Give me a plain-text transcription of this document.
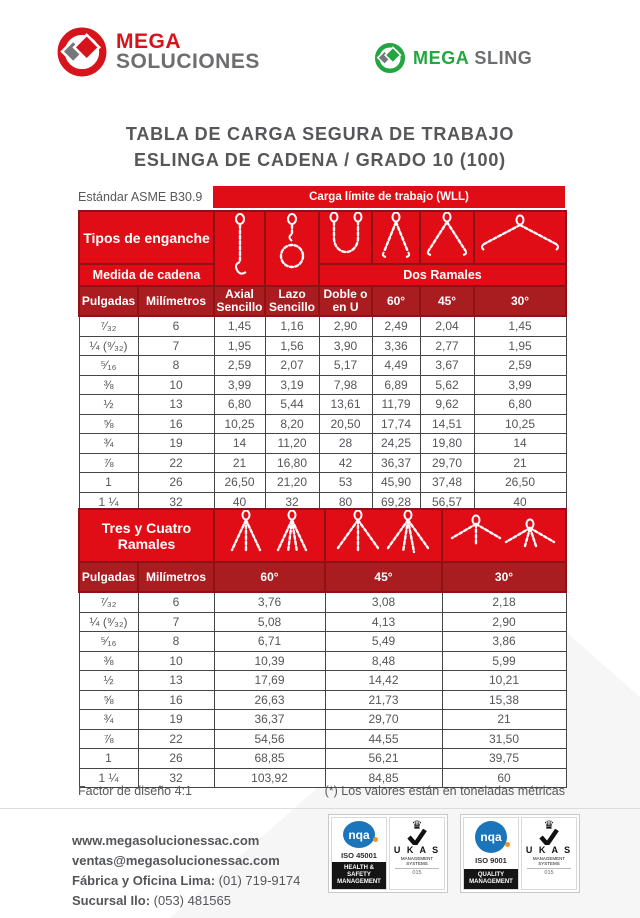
MEGA
SOLUCIONES	MEGA SLING
TABLA DE CARGA SEGURA DE TRABAJO
ESLINGA DE CADENA / GRADO 10 (100)
Estándar ASME B30.9	Carga límite de trabajo (WLL)
Tipos de enganche						
Medida de cadena				Dos Ramales			
Pulgadas	Milímetros	Axial Sencillo	Lazo Sencillo	Doble o en U	60°	45°	30°
⁷⁄₃₂	6	1,45	1,16	2,90	2,49	2,04	1,45
¼ (⁹⁄₃₂)	7	1,95	1,56	3,90	3,36	2,77	1,95
⁵⁄₁₆	8	2,59	2,07	5,17	4,49	3,67	2,59
⅜	10	3,99	3,19	7,98	6,89	5,62	3,99
½	13	6,80	5,44	13,61	11,79	9,62	6,80
⅝	16	10,25	8,20	20,50	17,74	14,51	10,25
¾	19	14	11,20	28	24,25	19,80	14
⅞	22	21	16,80	42	36,37	29,70	21
1	26	26,50	21,20	53	45,90	37,48	26,50
1 ¼	32	40	32	80	69,28	56,57	40
Tres y Cuatro Ramales			
Pulgadas	Milímetros	60°	45°	30°
⁷⁄₃₂	6	3,76	3,08	2,18
¼ (⁹⁄₃₂)	7	5,08	4,13	2,90
⁵⁄₁₆	8	6,71	5,49	3,86
⅜	10	10,39	8,48	5,99
½	13	17,69	14,42	10,21
⅝	16	26,63	21,73	15,38
¾	19	36,37	29,70	21
⅞	22	54,56	44,55	31,50
1	26	68,85	56,21	39,75
1 ¼	32	103,92	84,85	60
Factor de diseño 4:1	(*) Los valores están en toneladas métricas
www.megasolucionessac.com
ventas@megasolucionessac.com
Fábrica y Oficina Lima: (01) 719-9174
Sucursal Ilo: (053) 481565
nqa
ISO 45001
HEALTH & SAFETY MANAGEMENT
♛
U K A S
MANAGEMENT SYSTEMS
015
nqa
ISO 9001
QUALITY MANAGEMENT
♛
U K A S
MANAGEMENT SYSTEMS
015
